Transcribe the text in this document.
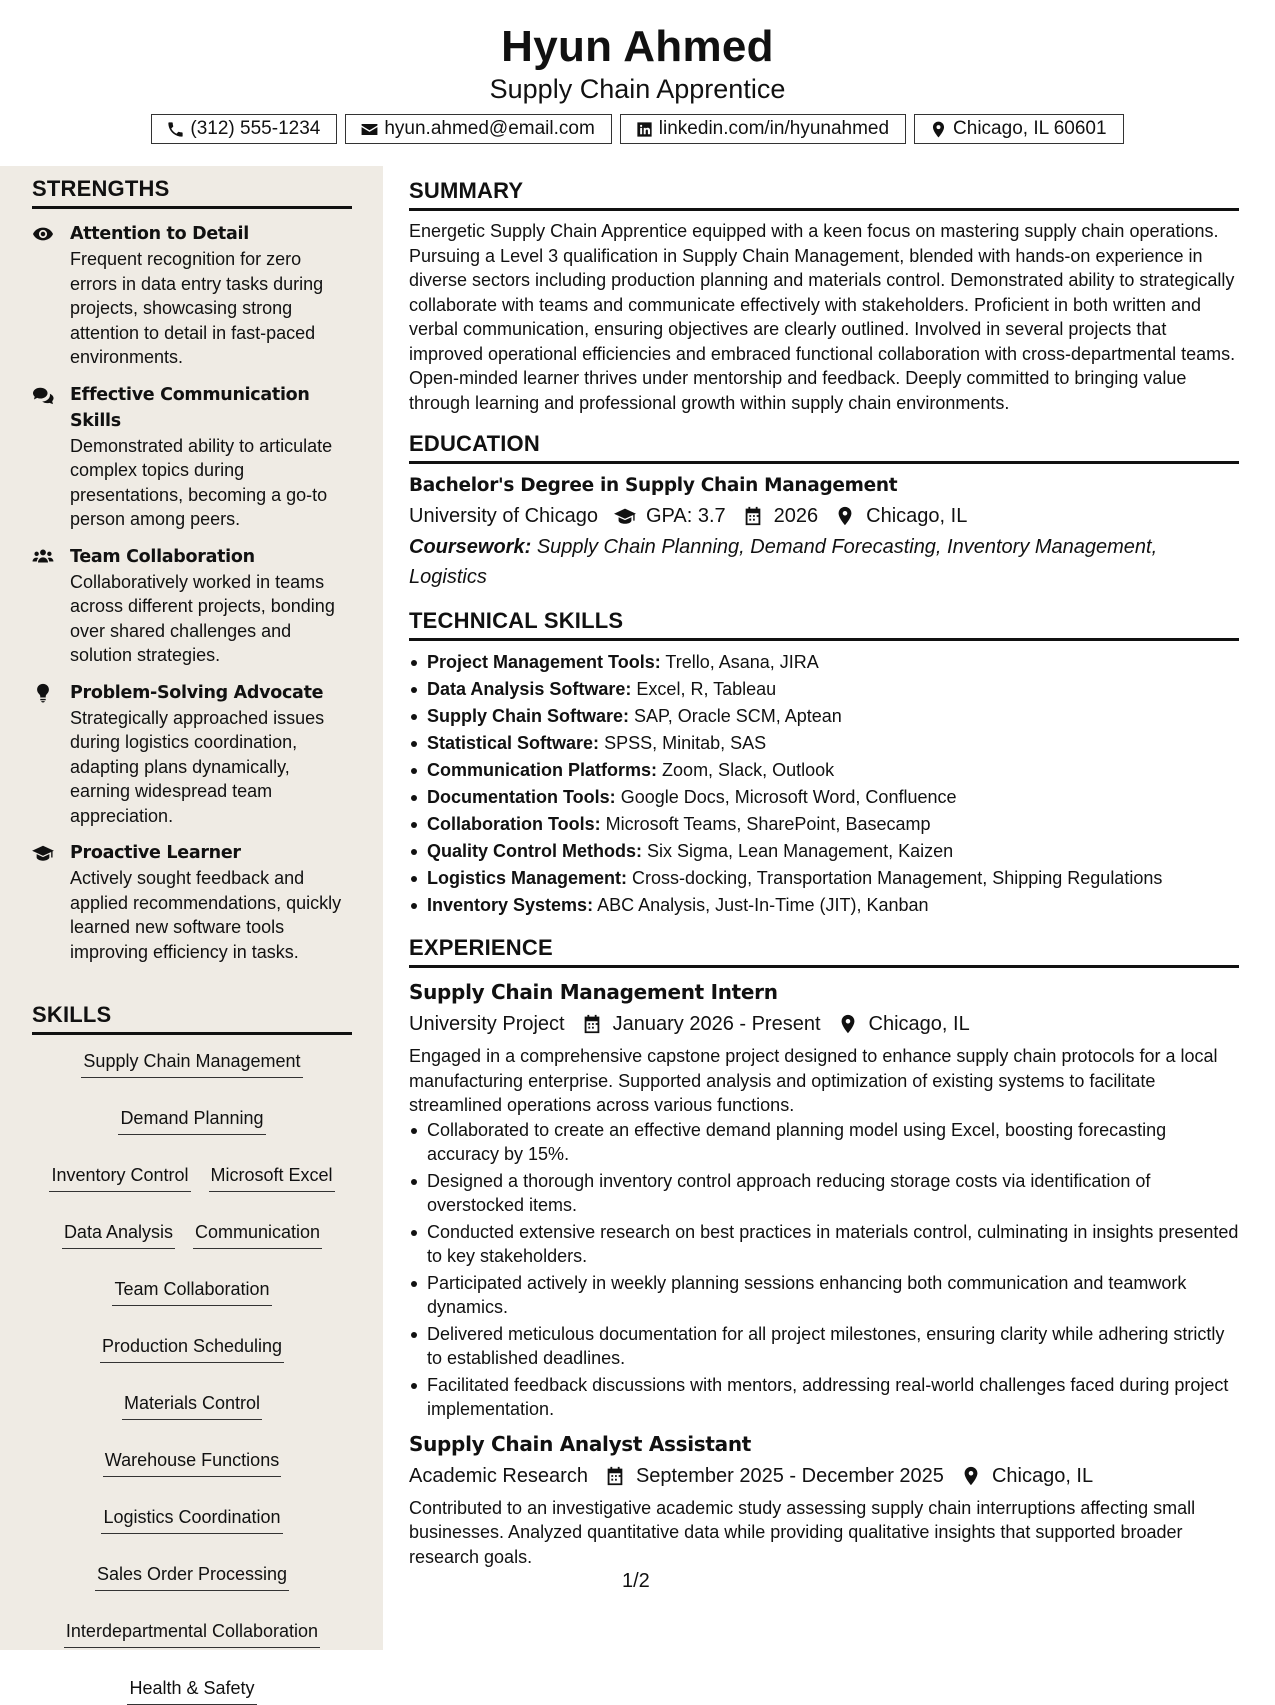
Hyun Ahmed
Supply Chain Apprentice
(312) 555-1234	hyun.ahmed@email.com	linkedin.com/in/hyunahmed	Chicago, IL 60601
STRENGTHS
Attention to Detail
Frequent recognition for zero errors in data entry tasks during projects, showcasing strong attention to detail in fast-paced environments.
Effective Communication Skills
Demonstrated ability to articulate complex topics during presentations, becoming a go-to person among peers.
Team Collaboration
Collaboratively worked in teams across different projects, bonding over shared challenges and solution strategies.
Problem-Solving Advocate
Strategically approached issues during logistics coordination, adapting plans dynamically, earning widespread team appreciation.
Proactive Learner
Actively sought feedback and applied recommendations, quickly learned new software tools improving efficiency in tasks.
SKILLS
Supply Chain Management
Demand Planning
Inventory Control Microsoft Excel
Data Analysis Communication
Team Collaboration
Production Scheduling
Materials Control
Warehouse Functions
Logistics Coordination
Sales Order Processing
Interdepartmental Collaboration
Health & Safety
SUMMARY
Energetic Supply Chain Apprentice equipped with a keen focus on mastering supply chain operations. Pursuing a Level 3 qualification in Supply Chain Management, blended with hands-on experience in diverse sectors including production planning and materials control. Demonstrated ability to strategically collaborate with teams and communicate effectively with stakeholders. Proficient in both written and verbal communication, ensuring objectives are clearly outlined. Involved in several projects that improved operational efficiencies and embraced functional collaboration with cross-departmental teams. Open-minded learner thrives under mentorship and feedback. Deeply committed to bringing value through learning and professional growth within supply chain environments.
EDUCATION
Bachelor's Degree in Supply Chain Management
University of Chicago GPA: 3.7 2026 Chicago, IL
Coursework: Supply Chain Planning, Demand Forecasting, Inventory Management, Logistics
TECHNICAL SKILLS
Project Management Tools: Trello, Asana, JIRA
Data Analysis Software: Excel, R, Tableau
Supply Chain Software: SAP, Oracle SCM, Aptean
Statistical Software: SPSS, Minitab, SAS
Communication Platforms: Zoom, Slack, Outlook
Documentation Tools: Google Docs, Microsoft Word, Confluence
Collaboration Tools: Microsoft Teams, SharePoint, Basecamp
Quality Control Methods: Six Sigma, Lean Management, Kaizen
Logistics Management: Cross-docking, Transportation Management, Shipping Regulations
Inventory Systems: ABC Analysis, Just-In-Time (JIT), Kanban
EXPERIENCE
Supply Chain Management Intern
University Project January 2026 - Present Chicago, IL
Engaged in a comprehensive capstone project designed to enhance supply chain protocols for a local manufacturing enterprise. Supported analysis and optimization of existing systems to facilitate streamlined operations across various functions.
Collaborated to create an effective demand planning model using Excel, boosting forecasting accuracy by 15%.
Designed a thorough inventory control approach reducing storage costs via identification of overstocked items.
Conducted extensive research on best practices in materials control, culminating in insights presented to key stakeholders.
Participated actively in weekly planning sessions enhancing both communication and teamwork dynamics.
Delivered meticulous documentation for all project milestones, ensuring clarity while adhering strictly to established deadlines.
Facilitated feedback discussions with mentors, addressing real-world challenges faced during project implementation.
Supply Chain Analyst Assistant
Academic Research September 2025 - December 2025 Chicago, IL
Contributed to an investigative academic study assessing supply chain interruptions affecting small businesses. Analyzed quantitative data while providing qualitative insights that supported broader research goals.
1/2
